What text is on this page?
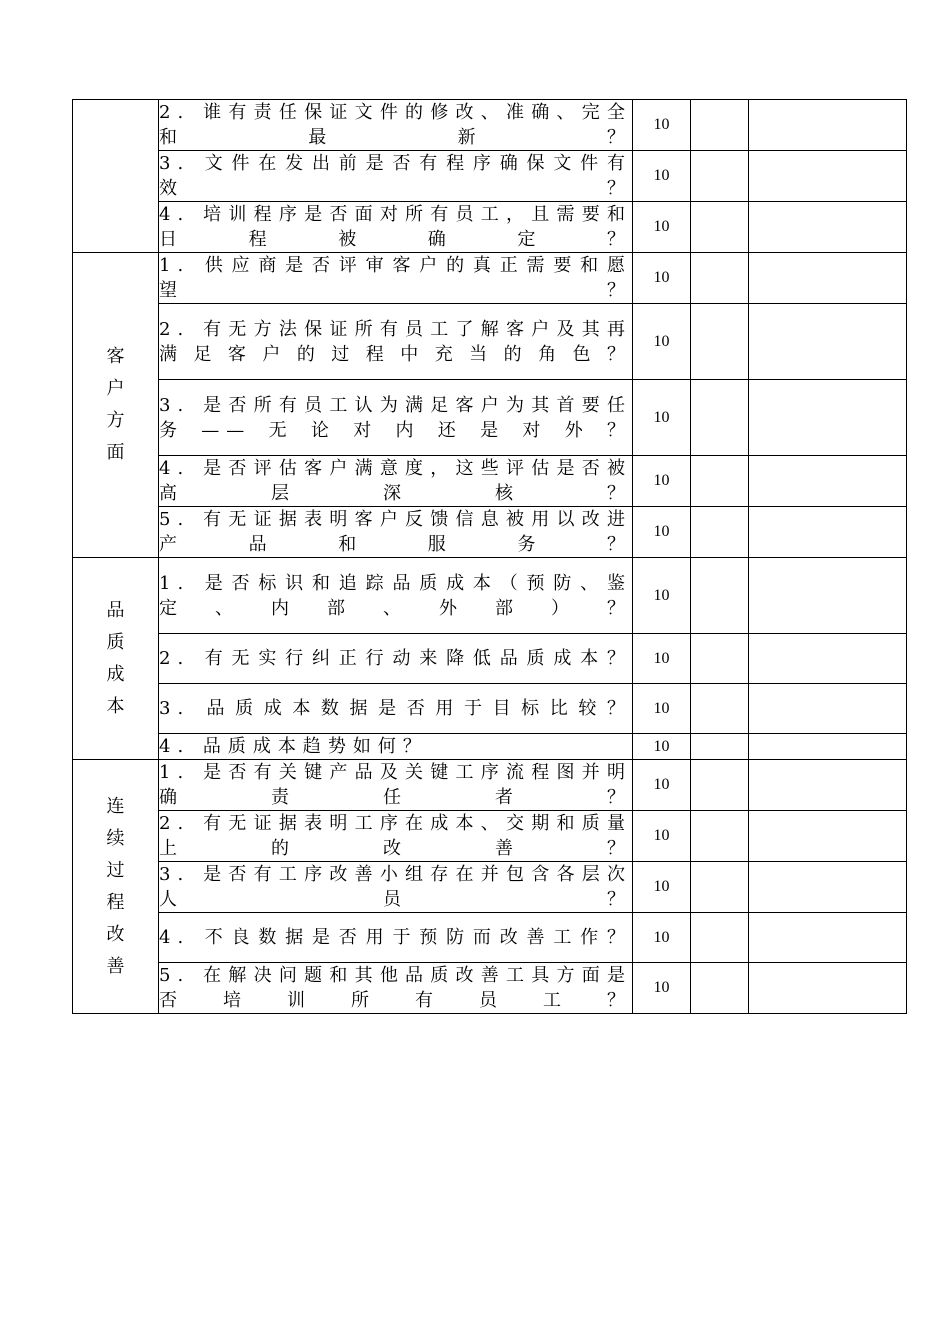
	2. 谁有责任保证文件的修改、准确、完全和最新？	10		
	3. 文件在发出前是否有程序确保文件有效？	10		
	4. 培训程序是否面对所有员工，且需要和日程被确定？	10		

客户方面	1. 供应商是否评审客户的真正需要和愿望？	10		
	2. 有无方法保证所有员工了解客户及其再满足客户的过程中充当的角色？	10		
	3. 是否所有员工认为满足客户为其首要任务——无论对内还是对外？	10		
	4. 是否评估客户满意度，这些评估是否被高层深核？	10		
	5. 有无证据表明客户反馈信息被用以改进产品和服务？	10		

品质成本	1. 是否标识和追踪品质成本（预防、鉴定、内部、外部）？	10		
	2. 有无实行纠正行动来降低品质成本？	10		
	3. 品质成本数据是否用于目标比较？	10		
	4. 品质成本趋势如何？	10		

连续过程改善	1. 是否有关键产品及关键工序流程图并明确责任者？	10		
	2. 有无证据表明工序在成本、交期和质量上的改善？	10		
	3. 是否有工序改善小组存在并包含各层次人员？	10		
	4. 不良数据是否用于预防而改善工作？	10		
	5. 在解决问题和其他品质改善工具方面是否培训所有员工？	10		
